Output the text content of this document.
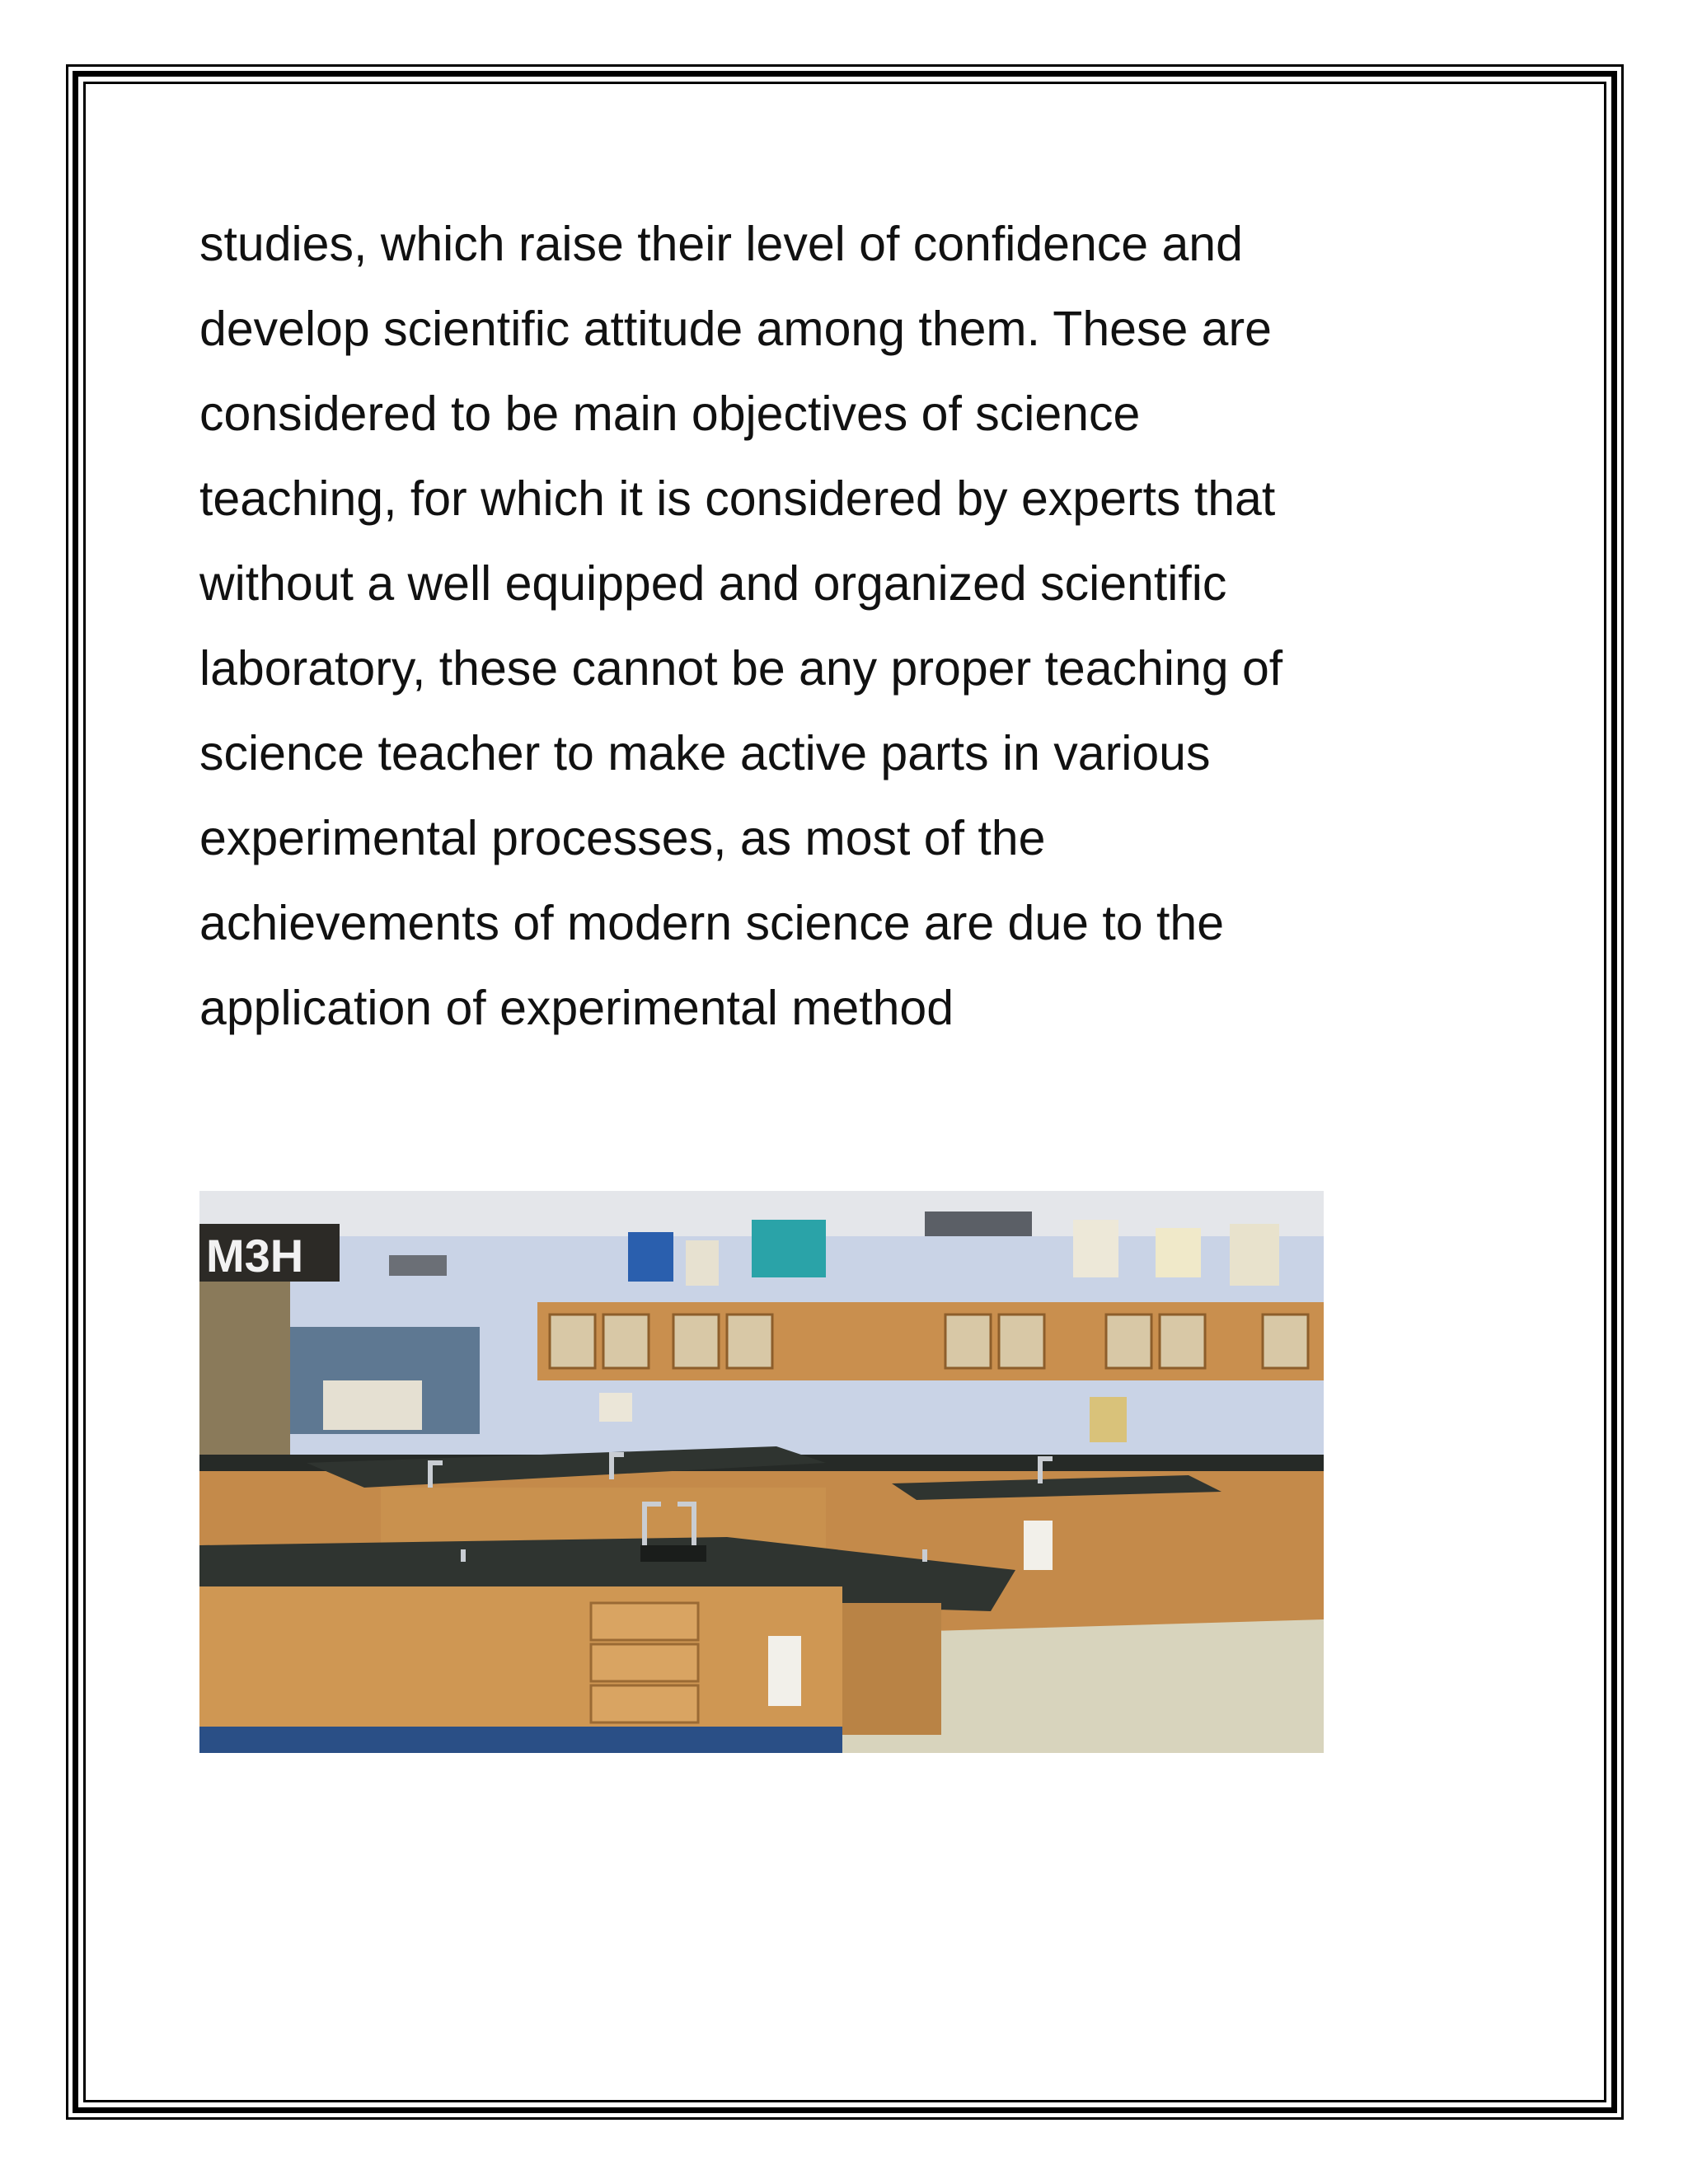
studies, which raise their level of confidence and
develop scientific attitude among them. These are
considered to be main objectives of science
teaching, for which it is considered by experts that
without a well equipped and organized scientific
laboratory, these cannot be any proper teaching of
science teacher to make active parts in various
experimental processes, as most of the
achievements of modern science are due to the
application of experimental method

M3H
